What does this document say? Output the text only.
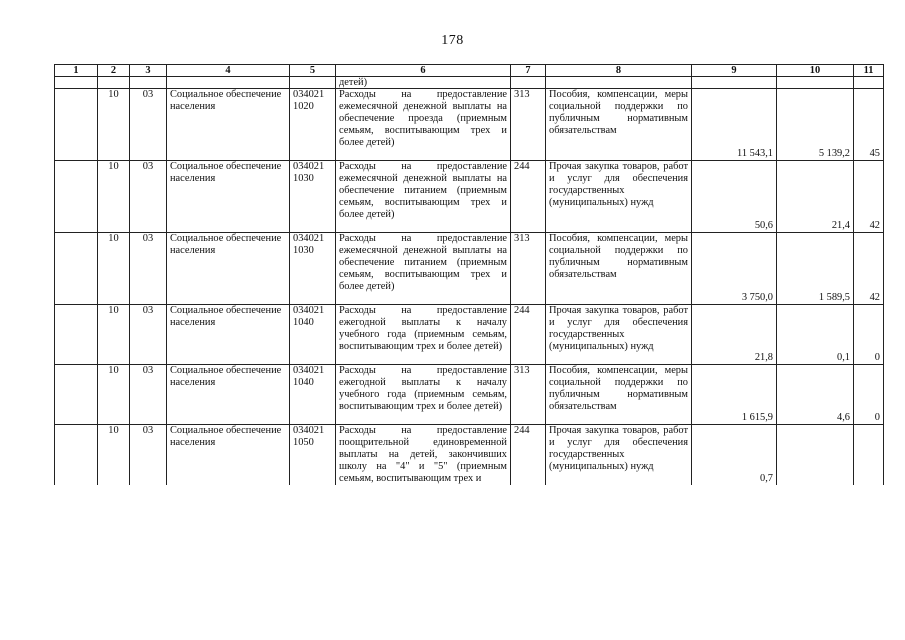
178
1	2	3	4	5	6	7	8	9	10	11
					детей)					
	10	03	Социальное обеспечение населения	034021 1020	Расходы на предоставление ежемесячной денежной выплаты на обеспечение проезда (приемным семьям, воспитывающим трех и более детей)	313	Пособия, компенсации, меры социальной поддержки по публичным нормативным обязательствам	11 543,1	5 139,2	45
	10	03	Социальное обеспечение населения	034021 1030	Расходы на предоставление ежемесячной денежной выплаты на обеспечение питанием (приемным семьям, воспитывающим трех и более детей)	244	Прочая закупка товаров, работ и услуг для обеспечения государственных (муниципальных) нужд	50,6	21,4	42
	10	03	Социальное обеспечение населения	034021 1030	Расходы на предоставление ежемесячной денежной выплаты на обеспечение питанием (приемным семьям, воспитывающим трех и более детей)	313	Пособия, компенсации, меры социальной поддержки по публичным нормативным обязательствам	3 750,0	1 589,5	42
	10	03	Социальное обеспечение населения	034021 1040	Расходы на предоставление ежегодной выплаты к началу учебного года (приемным семьям, воспитывающим трех и более детей)	244	Прочая закупка товаров, работ и услуг для обеспечения государственных (муниципальных) нужд	21,8	0,1	0
	10	03	Социальное обеспечение населения	034021 1040	Расходы на предоставление ежегодной выплаты к началу учебного года (приемным семьям, воспитывающим трех и более детей)	313	Пособия, компенсации, меры социальной поддержки по публичным нормативным обязательствам	1 615,9	4,6	0
	10	03	Социальное обеспечение населения	034021 1050	Расходы на предоставление поощрительной единовременной выплаты на детей, закончивших школу на "4" и "5" (приемным семьям, воспитывающим трех и	244	Прочая закупка товаров, работ и услуг для обеспечения государственных (муниципальных) нужд	0,7		
